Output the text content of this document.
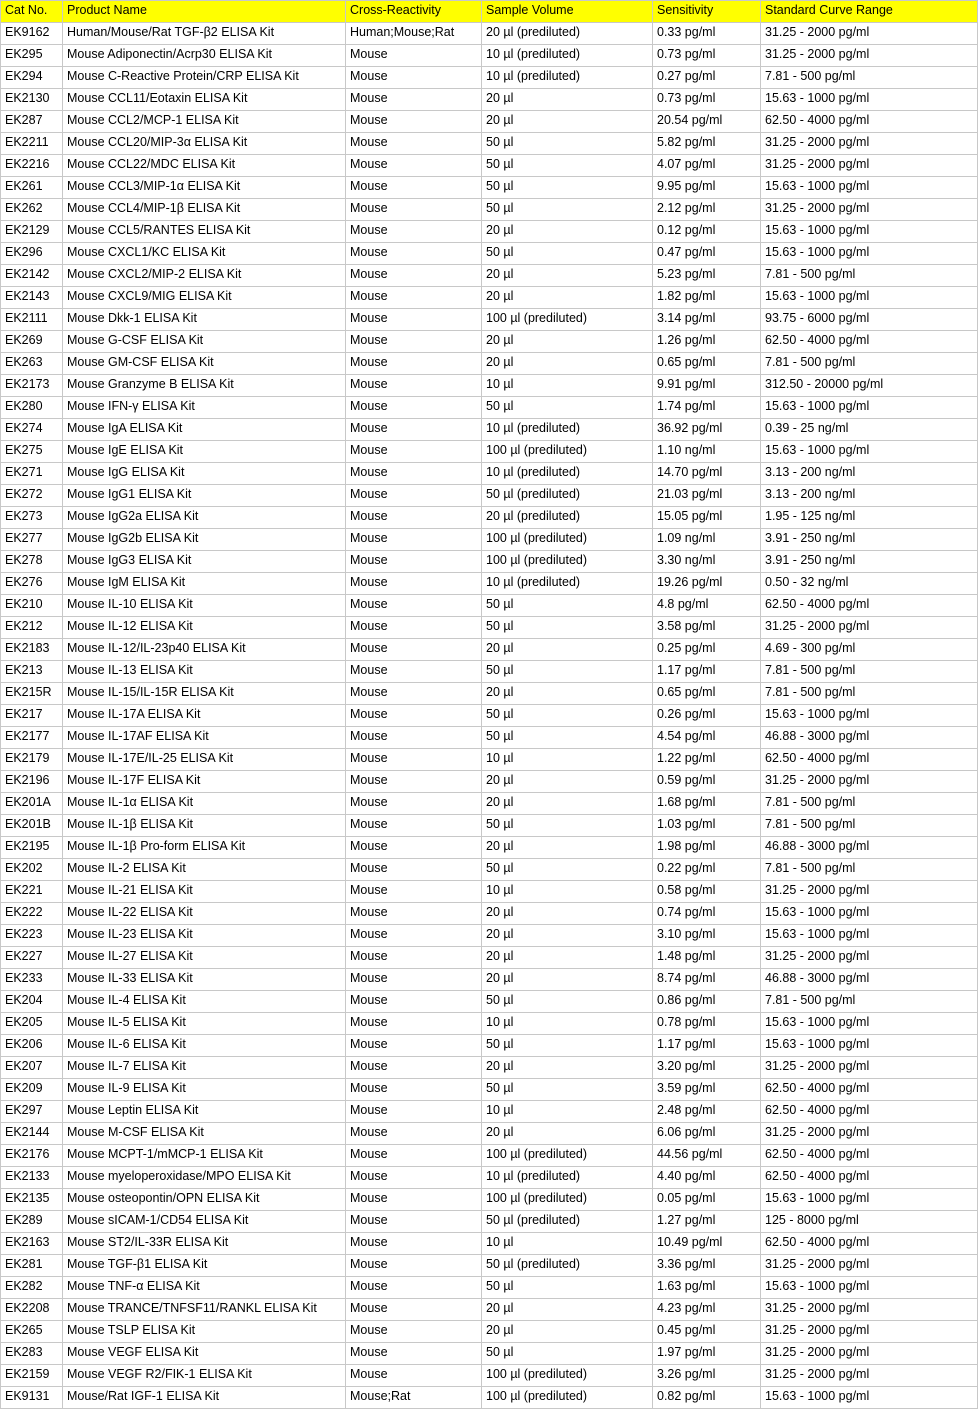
Cat No.	Product Name	Cross-Reactivity	Sample Volume	Sensitivity	Standard Curve Range
EK9162	Human/Mouse/Rat TGF-β2 ELISA Kit	Human;Mouse;Rat	20 µl (prediluted)	0.33 pg/ml	31.25 - 2000 pg/ml
EK295	Mouse Adiponectin/Acrp30 ELISA Kit	Mouse	10 µl (prediluted)	0.73 pg/ml	31.25 - 2000 pg/ml
EK294	Mouse C-Reactive Protein/CRP ELISA Kit	Mouse	10 µl (prediluted)	0.27 pg/ml	7.81 - 500 pg/ml
EK2130	Mouse CCL11/Eotaxin ELISA Kit	Mouse	20 µl	0.73 pg/ml	15.63 - 1000 pg/ml
EK287	Mouse CCL2/MCP-1 ELISA Kit	Mouse	20 µl	20.54 pg/ml	62.50 - 4000 pg/ml
EK2211	Mouse CCL20/MIP-3α ELISA Kit	Mouse	50 µl	5.82 pg/ml	31.25 - 2000 pg/ml
EK2216	Mouse CCL22/MDC ELISA Kit	Mouse	50 µl	4.07 pg/ml	31.25 - 2000 pg/ml
EK261	Mouse CCL3/MIP-1α ELISA Kit	Mouse	50 µl	9.95 pg/ml	15.63 - 1000 pg/ml
EK262	Mouse CCL4/MIP-1β ELISA Kit	Mouse	50 µl	2.12 pg/ml	31.25 - 2000 pg/ml
EK2129	Mouse CCL5/RANTES ELISA Kit	Mouse	20 µl	0.12 pg/ml	15.63 - 1000 pg/ml
EK296	Mouse CXCL1/KC ELISA Kit	Mouse	50 µl	0.47 pg/ml	15.63 - 1000 pg/ml
EK2142	Mouse CXCL2/MIP-2 ELISA Kit	Mouse	20 µl	5.23 pg/ml	7.81 - 500 pg/ml
EK2143	Mouse CXCL9/MIG ELISA Kit	Mouse	20 µl	1.82 pg/ml	15.63 - 1000 pg/ml
EK2111	Mouse Dkk-1 ELISA Kit	Mouse	100 µl (prediluted)	3.14 pg/ml	93.75 - 6000 pg/ml
EK269	Mouse G-CSF ELISA Kit	Mouse	20 µl	1.26 pg/ml	62.50 - 4000 pg/ml
EK263	Mouse GM-CSF ELISA Kit	Mouse	20 µl	0.65 pg/ml	7.81 - 500 pg/ml
EK2173	Mouse Granzyme B ELISA Kit	Mouse	10 µl	9.91 pg/ml	312.50 - 20000 pg/ml
EK280	Mouse IFN-γ ELISA Kit	Mouse	50 µl	1.74 pg/ml	15.63 - 1000 pg/ml
EK274	Mouse IgA ELISA Kit	Mouse	10 µl (prediluted)	36.92 pg/ml	0.39 - 25 ng/ml
EK275	Mouse IgE ELISA Kit	Mouse	100 µl (prediluted)	1.10 ng/ml	15.63 - 1000 pg/ml
EK271	Mouse IgG ELISA Kit	Mouse	10 µl (prediluted)	14.70 pg/ml	3.13 - 200 ng/ml
EK272	Mouse IgG1 ELISA Kit	Mouse	50 µl (prediluted)	21.03 pg/ml	3.13 - 200 ng/ml
EK273	Mouse IgG2a ELISA Kit	Mouse	20 µl (prediluted)	15.05 pg/ml	1.95 - 125 ng/ml
EK277	Mouse IgG2b ELISA Kit	Mouse	100 µl (prediluted)	1.09 ng/ml	3.91 - 250 ng/ml
EK278	Mouse IgG3 ELISA Kit	Mouse	100 µl (prediluted)	3.30 ng/ml	3.91 - 250 ng/ml
EK276	Mouse IgM ELISA Kit	Mouse	10 µl (prediluted)	19.26 pg/ml	0.50 - 32 ng/ml
EK210	Mouse IL-10 ELISA Kit	Mouse	50 µl	4.8 pg/ml	62.50 - 4000 pg/ml
EK212	Mouse IL-12 ELISA Kit	Mouse	50 µl	3.58 pg/ml	31.25 - 2000 pg/ml
EK2183	Mouse IL-12/IL-23p40 ELISA Kit	Mouse	20 µl	0.25 pg/ml	4.69 - 300 pg/ml
EK213	Mouse IL-13 ELISA Kit	Mouse	50 µl	1.17 pg/ml	7.81 - 500 pg/ml
EK215R	Mouse IL-15/IL-15R ELISA Kit	Mouse	20 µl	0.65 pg/ml	7.81 - 500 pg/ml
EK217	Mouse IL-17A ELISA Kit	Mouse	50 µl	0.26 pg/ml	15.63 - 1000 pg/ml
EK2177	Mouse IL-17AF ELISA Kit	Mouse	50 µl	4.54 pg/ml	46.88 - 3000 pg/ml
EK2179	Mouse IL-17E/IL-25 ELISA Kit	Mouse	10 µl	1.22 pg/ml	62.50 - 4000 pg/ml
EK2196	Mouse IL-17F ELISA Kit	Mouse	20 µl	0.59 pg/ml	31.25 - 2000 pg/ml
EK201A	Mouse IL-1α ELISA Kit	Mouse	20 µl	1.68 pg/ml	7.81 - 500 pg/ml
EK201B	Mouse IL-1β ELISA Kit	Mouse	50 µl	1.03 pg/ml	7.81 - 500 pg/ml
EK2195	Mouse IL-1β Pro-form ELISA Kit	Mouse	20 µl	1.98 pg/ml	46.88 - 3000 pg/ml
EK202	Mouse IL-2 ELISA Kit	Mouse	50 µl	0.22 pg/ml	7.81 - 500 pg/ml
EK221	Mouse IL-21 ELISA Kit	Mouse	10 µl	0.58 pg/ml	31.25 - 2000 pg/ml
EK222	Mouse IL-22 ELISA Kit	Mouse	20 µl	0.74 pg/ml	15.63 - 1000 pg/ml
EK223	Mouse IL-23 ELISA Kit	Mouse	20 µl	3.10 pg/ml	15.63 - 1000 pg/ml
EK227	Mouse IL-27 ELISA Kit	Mouse	20 µl	1.48 pg/ml	31.25 - 2000 pg/ml
EK233	Mouse IL-33 ELISA Kit	Mouse	20 µl	8.74 pg/ml	46.88 - 3000 pg/ml
EK204	Mouse IL-4 ELISA Kit	Mouse	50 µl	0.86 pg/ml	7.81 - 500 pg/ml
EK205	Mouse IL-5 ELISA Kit	Mouse	10 µl	0.78 pg/ml	15.63 - 1000 pg/ml
EK206	Mouse IL-6 ELISA Kit	Mouse	50 µl	1.17 pg/ml	15.63 - 1000 pg/ml
EK207	Mouse IL-7 ELISA Kit	Mouse	20 µl	3.20 pg/ml	31.25 - 2000 pg/ml
EK209	Mouse IL-9 ELISA Kit	Mouse	50 µl	3.59 pg/ml	62.50 - 4000 pg/ml
EK297	Mouse Leptin ELISA Kit	Mouse	10 µl	2.48 pg/ml	62.50 - 4000 pg/ml
EK2144	Mouse M-CSF ELISA Kit	Mouse	20 µl	6.06 pg/ml	31.25 - 2000 pg/ml
EK2176	Mouse MCPT-1/mMCP-1 ELISA Kit	Mouse	100 µl (prediluted)	44.56 pg/ml	62.50 - 4000 pg/ml
EK2133	Mouse myeloperoxidase/MPO ELISA Kit	Mouse	10 µl (prediluted)	4.40 pg/ml	62.50 - 4000 pg/ml
EK2135	Mouse osteopontin/OPN ELISA Kit	Mouse	100 µl (prediluted)	0.05 pg/ml	15.63 - 1000 pg/ml
EK289	Mouse sICAM-1/CD54 ELISA Kit	Mouse	50 µl (prediluted)	1.27 pg/ml	125 - 8000 pg/ml
EK2163	Mouse ST2/IL-33R ELISA Kit	Mouse	10 µl	10.49 pg/ml	62.50 - 4000 pg/ml
EK281	Mouse TGF-β1 ELISA Kit	Mouse	50 µl (prediluted)	3.36 pg/ml	31.25 - 2000 pg/ml
EK282	Mouse TNF-α ELISA Kit	Mouse	50 µl	1.63 pg/ml	15.63 - 1000 pg/ml
EK2208	Mouse TRANCE/TNFSF11/RANKL ELISA Kit	Mouse	20 µl	4.23 pg/ml	31.25 - 2000 pg/ml
EK265	Mouse TSLP ELISA Kit	Mouse	20 µl	0.45 pg/ml	31.25 - 2000 pg/ml
EK283	Mouse VEGF ELISA Kit	Mouse	50 µl	1.97 pg/ml	31.25 - 2000 pg/ml
EK2159	Mouse VEGF R2/FIK-1 ELISA Kit	Mouse	100 µl (prediluted)	3.26 pg/ml	31.25 - 2000 pg/ml
EK9131	Mouse/Rat IGF-1 ELISA Kit	Mouse;Rat	100 µl (prediluted)	0.82 pg/ml	15.63 - 1000 pg/ml
